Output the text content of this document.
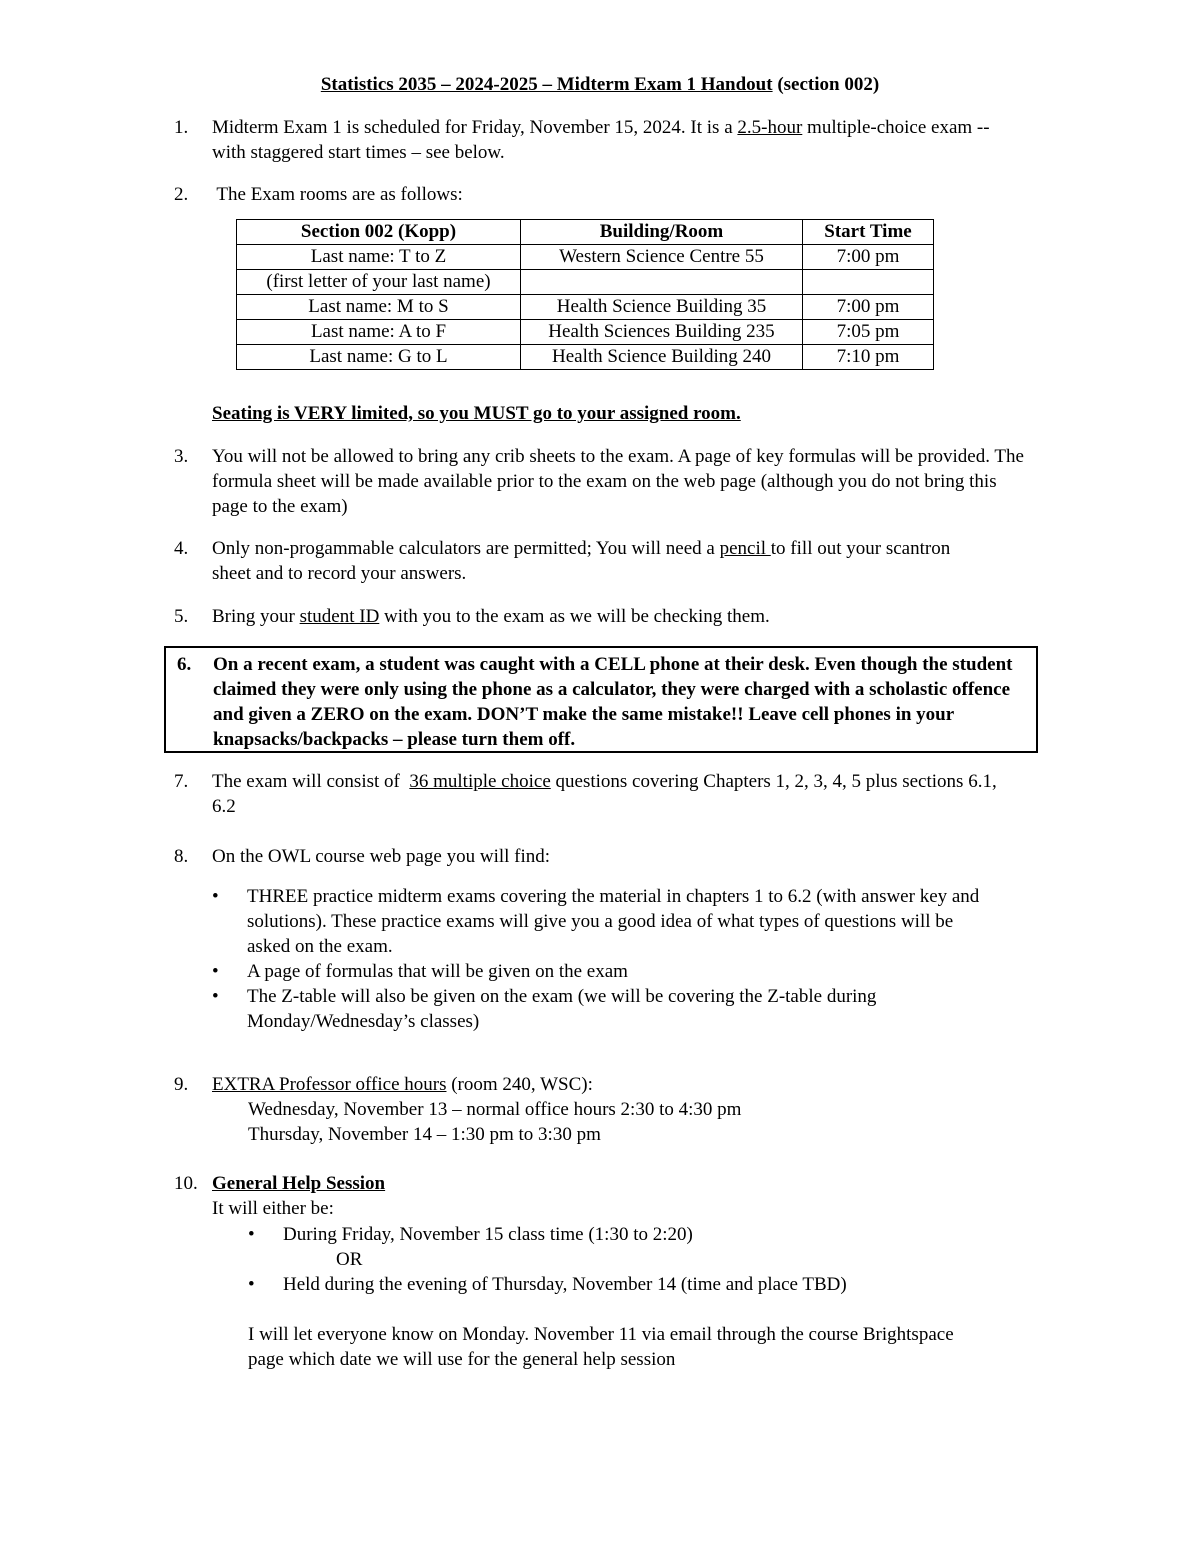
Statistics 2035 – 2024-2025 – Midterm Exam 1 Handout (section 002)
1. Midterm Exam 1 is scheduled for Friday, November 15, 2024. It is a 2.5-hour multiple-choice exam -- with staggered start times – see below.
2. The Exam rooms are as follows:
Section 002 (Kopp)	Building/Room	Start Time
Last name: T to Z	Western Science Centre 55	7:00 pm
(first letter of your last name)		
Last name: M to S	Health Science Building 35	7:00 pm
Last name: A to F	Health Sciences Building 235	7:05 pm
Last name: G to L	Health Science Building 240	7:10 pm
Seating is VERY limited, so you MUST go to your assigned room.
3. You will not be allowed to bring any crib sheets to the exam. A page of key formulas will be provided. The formula sheet will be made available prior to the exam on the web page (although you do not bring this page to the exam)
4. Only non-progammable calculators are permitted; You will need a pencil to fill out your scantron sheet and to record your answers.
5. Bring your student ID with you to the exam as we will be checking them.
6. On a recent exam, a student was caught with a CELL phone at their desk. Even though the student claimed they were only using the phone as a calculator, they were charged with a scholastic offence and given a ZERO on the exam. DON’T make the same mistake!! Leave cell phones in your knapsacks/backpacks – please turn them off.
7. The exam will consist of  36 multiple choice questions covering Chapters 1, 2, 3, 4, 5 plus sections 6.1, 6.2
8. On the OWL course web page you will find:
• THREE practice midterm exams covering the material in chapters 1 to 6.2 (with answer key and solutions). These practice exams will give you a good idea of what types of questions will be asked on the exam.
• A page of formulas that will be given on the exam
• The Z-table will also be given on the exam (we will be covering the Z-table during Monday/Wednesday’s classes)
9. EXTRA Professor office hours (room 240, WSC):
Wednesday, November 13 – normal office hours 2:30 to 4:30 pm
Thursday, November 14 – 1:30 pm to 3:30 pm
10. General Help Session
It will either be:
• During Friday, November 15 class time (1:30 to 2:20)
OR
• Held during the evening of Thursday, November 14 (time and place TBD)
I will let everyone know on Monday. November 11 via email through the course Brightspace page which date we will use for the general help session
